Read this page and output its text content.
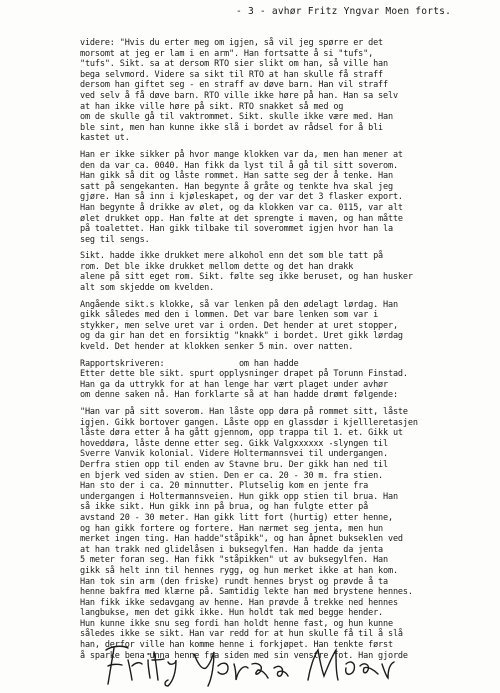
- 3 - avhør Fritz Yngvar Moen forts.
videre: "Hvis du erter meg om igjen, så vil jeg spørre er det
morsomt at jeg er lam i en arm". Han fortsatte å si "tufs",
"tufs". Sikt. sa at dersom RTO sier slikt om han, så ville han
bega selvmord. Videre sa sikt til RTO at han skulle få straff
dersom han giftet seg - en straff av døve barn. Han vil straff
ved selv å få døve barn. RTO ville ikke høre på han. Han sa selv
at han ikke ville høre på sikt. RTO snakket så med og
om de skulle gå til vaktrommet. Sikt. skulle ikke være med. Han
ble sint, men han kunne ikke slå i bordet av rådsel for å bli
kastet ut.
Han er ikke sikker på hvor mange klokken var da, men han mener at
den da var ca. 0040. Han fikk da lyst til å gå til sitt soverom.
Han gikk så dit og låste rommet. Han satte seg der å tenke. Han
satt på sengekanten. Han begynte å gråte og tenkte hva skal jeg
gjøre. Han så inn i kjøleskapet, og der var det 3 flasker export.
Han begynte å drikke av ølet, og da klokken var ca. 0115, var alt
ølet drukket opp. Han følte at det sprengte i maven, og han måtte
på toalettet. Han gikk tilbake til soverommet igjen hvor han la
seg til sengs.
Sikt. hadde ikke drukket mere alkohol enn det som ble tatt på
rom. Det ble ikke drukket mellom dette og det han drakk
alene på sitt eget rom. Sikt. følte seg ikke beruset, og han husker
alt som skjedde om kvelden.
Angående sikt.s klokke, så var lenken på den ødelagt lørdag. Han
gikk således med den i lommen. Det var bare lenken som var i
stykker, men selve uret var i orden. Det hender at uret stopper,
og da gir han det en forsiktig "knakk" i bordet. Uret gikk lørdag
kveld. Det hender at klokken senker 5 min. over natten.
Rapportskriveren:               om han hadde
Etter dette ble sikt. spurt opplysninger drapet på Torunn Finstad.
Han ga da uttrykk for at han lenge har vært plaget under avhør
om denne saken nå. Han forklarte så at han hadde drømt følgende:
"Han var på sitt soverom. Han låste opp døra på rommet sitt, låste
igjen. Gikk bortover gangen. Låste opp en glassdør i kjellleretasjen
låste døra etter å ha gått gjennom, opp trappa til 1. et. Gikk ut
hoveddøra, låste denne etter seg. Gikk Valgxxxxxx -slyngen til
Sverre Vanvik kolonial. Videre Holtermannsvei til undergangen.
Derfra stien opp til enden av Stavne bru. Der gikk han ned til
en bjerk ved siden av stien. Den er ca. 20 - 30 m. fra stien.
Han sto der i ca. 20 minnutter. Plutselig kom en jente fra
undergangen i Holtermannsveien. Hun gikk opp stien til brua. Han
så ikke sikt. Hun gikk inn på brua, og han fulgte etter på
avstand 20 - 30 meter. Han gikk litt fort (hurtig) etter henne,
og han gikk fortere og fortere. Han nærmet seg jenta, men hun
merket ingen ting. Han hadde"ståpikk", og han åpnet bukseklen ved
at han trakk ned glidelåsen i buksegylfen. Han hadde da jenta
5 meter foran seg. Han fikk "ståpikken" ut av buksegylfen. Han
gikk så helt inn til hennes rygg, og hun merket ikke at han kom.
Han tok sin arm (den friske) rundt hennes bryst og prøvde å ta
henne bakfra med klærne på. Samtidig lekte han med brystene hennes.
Han fikk ikke sedavgang av henne. Han prøvde å trekke ned hennes
langbukse, men det gikk ikke. Hun holdt tak med begge hender.
Hun kunne ikke snu seg fordi han holdt henne fast, og hun kunne
således ikke se sikt. Han var redd for at hun skulle få til å slå
han, derfor ville han komme henne i forkjøpet. Han tenkte først
å sparke bena unna henne fra siden med sin venstre fot. Han gjorde
